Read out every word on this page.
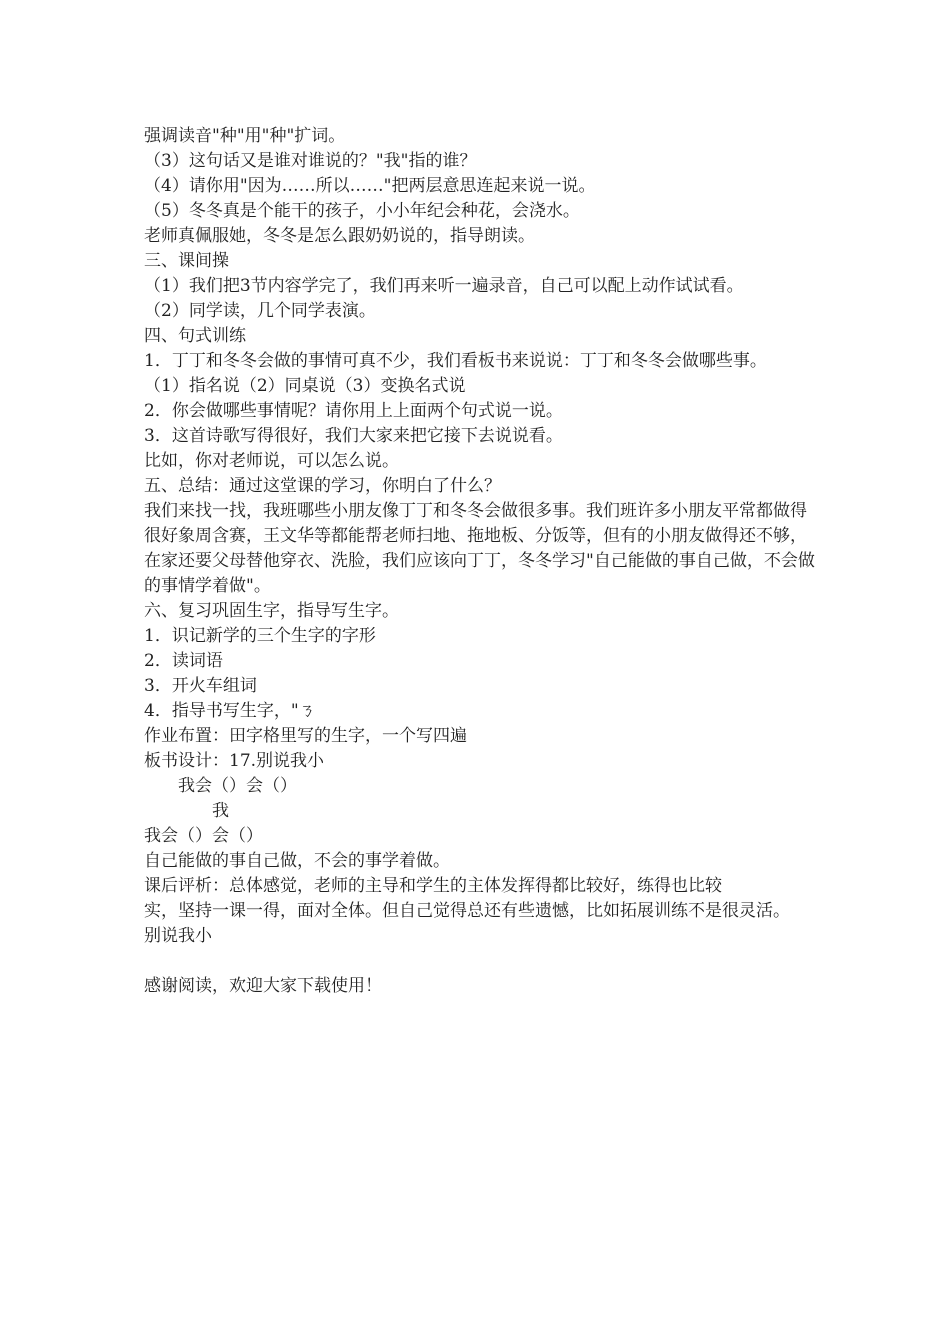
强调读音"种"用"种"扩词。
（3）这句话又是谁对谁说的？"我"指的谁？
（4）请你用"因为……所以……"把两层意思连起来说一说。
（5）冬冬真是个能干的孩子，小小年纪会种花，会浇水。
老师真佩服她，冬冬是怎么跟奶奶说的，指导朗读。
三、课间操
（1）我们把3节内容学完了，我们再来听一遍录音，自己可以配上动作试试看。
（2）同学读，几个同学表演。
四、句式训练
1．丁丁和冬冬会做的事情可真不少，我们看板书来说说：丁丁和冬冬会做哪些事。
（1）指名说（2）同桌说（3）变换名式说
2．你会做哪些事情呢？请你用上上面两个句式说一说。
3．这首诗歌写得很好，我们大家来把它接下去说说看。
比如，你对老师说，可以怎么说。
五、总结：通过这堂课的学习，你明白了什么？
我们来找一找，我班哪些小朋友像丁丁和冬冬会做很多事。我们班许多小朋友平常都做得
很好象周含赛，王文华等都能帮老师扫地、拖地板、分饭等，但有的小朋友做得还不够，
在家还要父母替他穿衣、洗脸，我们应该向丁丁，冬冬学习"自己能做的事自己做，不会做
的事情学着做"。
六、复习巩固生字，指导写生字。
1．识记新学的三个生字的字形
2．读词语
3．开火车组词
4．指导书写生字，"ㄋ
作业布置：田字格里写的生字，一个写四遍
板书设计：17.别说我小
我会（）会（）
我
我会（）会（）
自己能做的事自己做，不会的事学着做。
课后评析：总体感觉，老师的主导和学生的主体发挥得都比较好，练得也比较
实，坚持一课一得，面对全体。但自己觉得总还有些遗憾，比如拓展训练不是很灵活。
别说我小

感谢阅读，欢迎大家下载使用！
